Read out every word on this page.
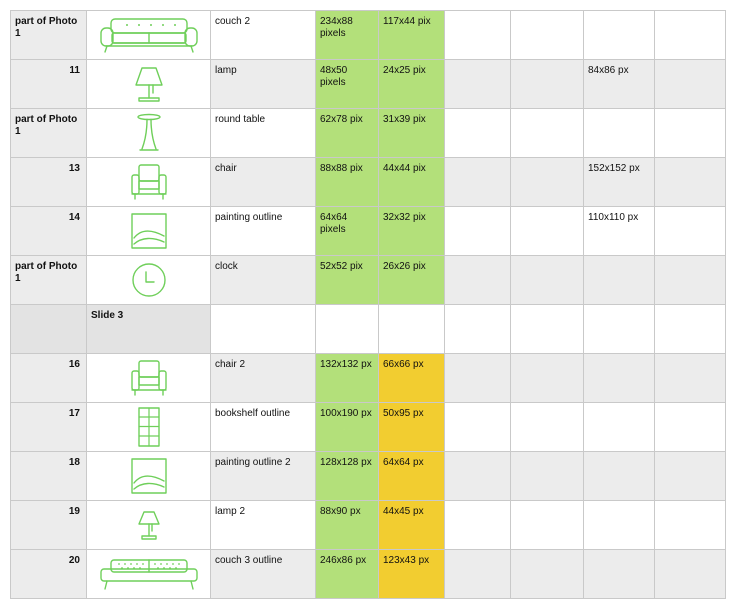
part of Photo 1		couch 2	234x88 pixels	117x44 pix				
11		lamp	48x50 pixels	24x25 pix			84x86 px	
part of Photo 1		round table	62x78 pix	31x39 pix				
13		chair	88x88 pix	44x44 pix			152x152 px	
14		painting outline	64x64 pixels	32x32 pix			110x110 px	
part of Photo 1		clock	52x52 pix	26x26 pix				
	Slide 3							
16		chair 2	132x132 px	66x66 px				
17		bookshelf outline	100x190 px	50x95 px				
18		painting outline 2	128x128 px	64x64 px				
19		lamp 2	88x90 px	44x45 px				
20		couch 3 outline	246x86 px	123x43 px				
